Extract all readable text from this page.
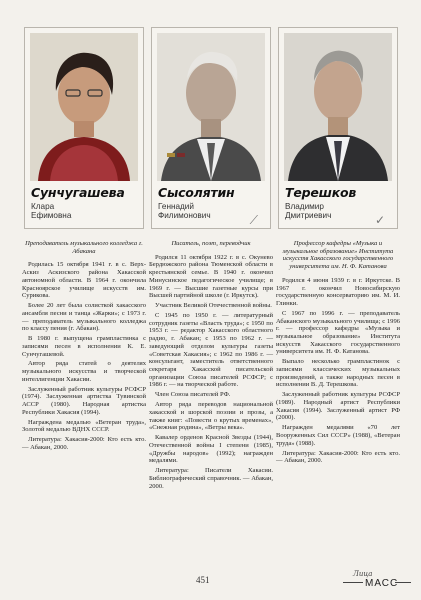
Сунчугашева
Клара
Ефимовна
Сысолятин
Геннадий
Филимонович	⟋
Терешков
Владимир
Дмитриевич	✓

Преподаватель музыкального колледжа г. Абакана

Родилась 15 октября 1941 г. в с. Верх-Аскиз Аскизского района Хакасской автономной области. В 1964 г. окончила Красноярское училище искусств им. Сурикова.

Более 20 лет была солисткой хакасского ансамбля песни и танца «Жарки»; с 1973 г. — преподаватель музыкального колледжа по классу пения (г. Абакан).

В 1980 г. выпущена грампластинка с записями песен в исполнении К. Е. Сунчугашевой.

Автор ряда статей о деятелях музыкального искусства и творческой интеллигенции Хакасии.

Заслуженный работник культуры РСФСР (1974). Заслуженная артистка Тувинской АССР (1980). Народная артистка Республики Хакасия (1994).

Награждена медалью «Ветеран труда», Золотой медалью ВДНХ СССР.

Литература: Хакасия-2000: Кто есть кто. — Абакан, 2000.

Писатель, поэт, переводчик

Родился 11 октября 1922 г. в с. Окунево Бердюжского района Тюменской области в крестьянской семье. В 1940 г. окончил Минусинское педагогическое училище; в 1969 г. — Высшие газетные курсы при Высшей партийной школе (г. Иркутск).

Участник Великой Отечественной войны.

С 1945 по 1950 г. — литературный сотрудник газеты «Власть труда»; с 1950 по 1953 г. — редактор Хакасского областного радио, г. Абакан; с 1953 по 1962 г. — заведующий отделом культуры газеты «Советская Хакасия»; с 1962 по 1986 г. — консультант, заместитель ответственного секретаря Хакасской писательской организации Союза писателей РСФСР; с 1986 г. — на творческой работе.

Член Союза писателей РФ.

Автор ряда переводов национальной хакасской и шорской поэзии и прозы, а также книг: «Повести о крутых временах», «Снежная родина», «Ветры века».

Кавалер орденов Красной Звезды (1944), Отечественной войны I степени (1985), «Дружбы народов» (1992); награжден медалями.

Литература: Писатели Хакасии. Библиографический справочник. — Абакан, 2000.

Профессор кафедры «Музыка и музыкальное образование» Института искусств Хакасского государственного университета им. Н. Ф. Катанова

Родился 4 июня 1939 г. в г. Иркутске. В 1967 г. окончил Новосибирскую государственную консерваторию им. М. И. Глинки.

С 1967 по 1996 г. — преподаватель Абаканского музыкального училища; с 1996 г. — профессор кафедры «Музыка и музыкальное образование» Института искусств Хакасского государственного университета им. Н. Ф. Катанова.

Выпало несколько грампластинок с записями классических музыкальных произведений, а также народных песен в исполнении В. Д. Терешкова.

Заслуженный работник культуры РСФСР (1989). Народный артист Республики Хакасия (1994). Заслуженный артист РФ (2000).

Награжден медалями «70 лет Вооруженных Сил СССР» (1988), «Ветеран труда» (1988).

Литература: Хакасия-2000: Кто есть кто. — Абакан, 2000.

451
Лица
МАСС
